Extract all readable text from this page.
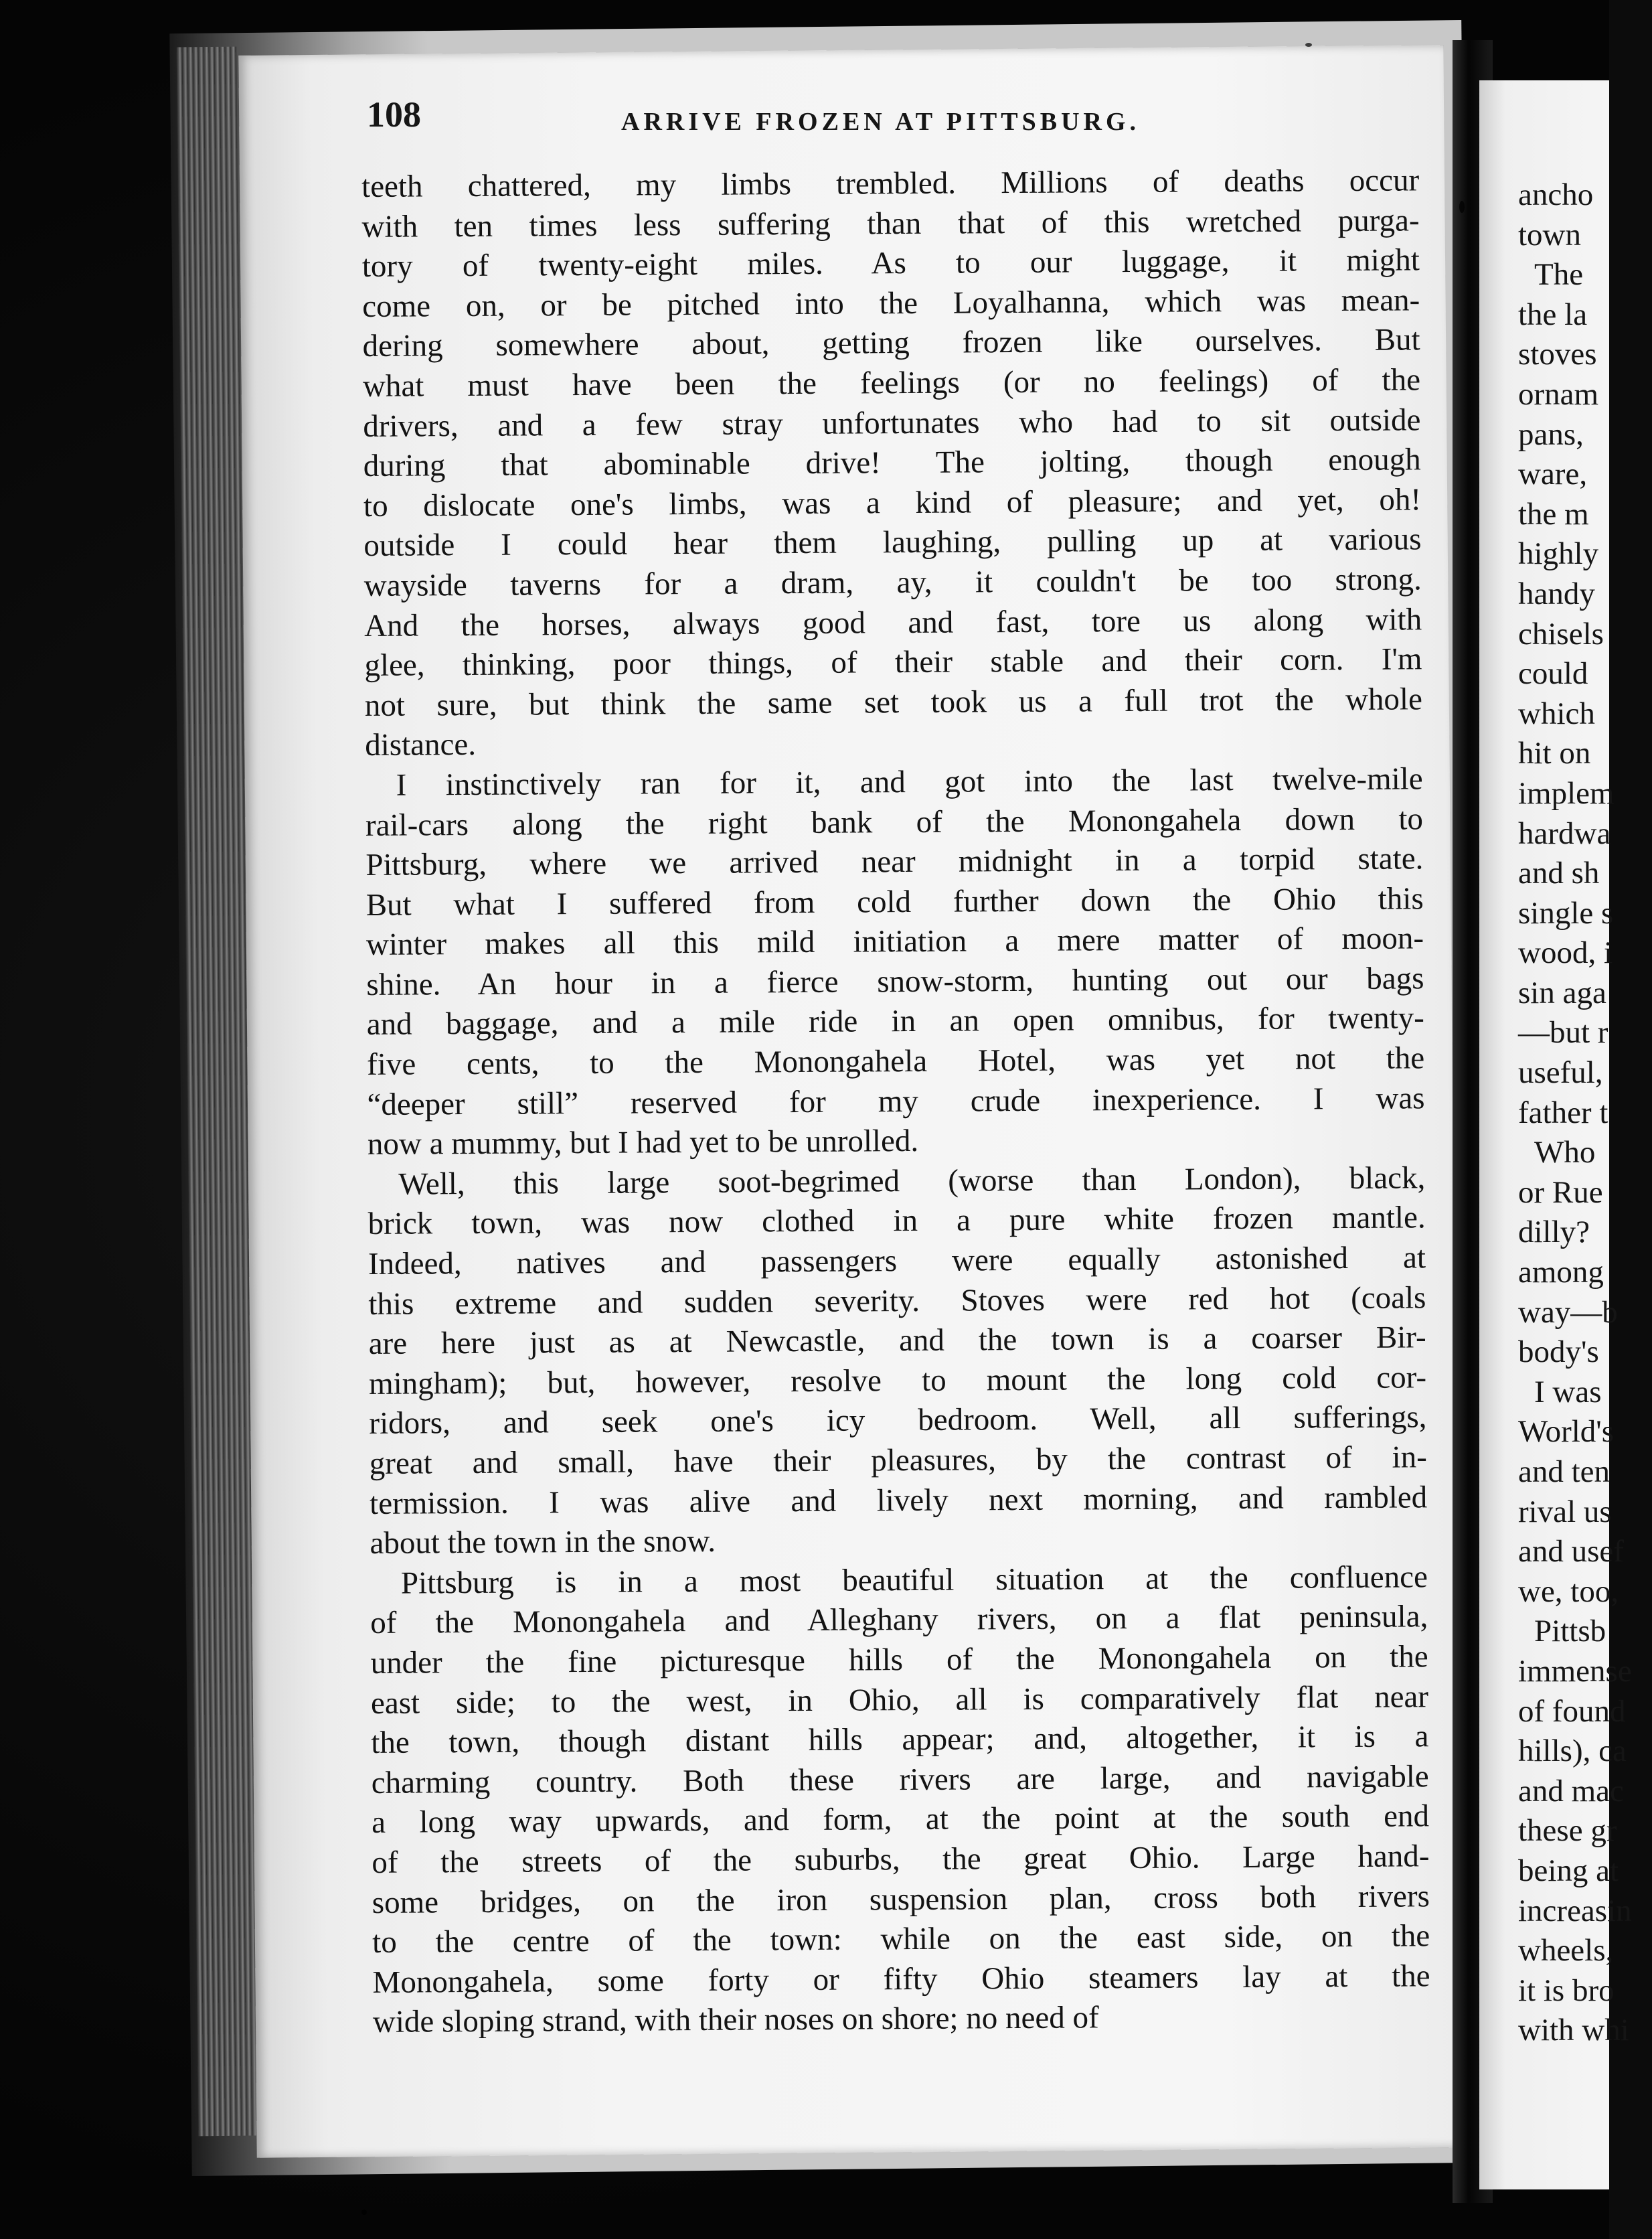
108	ARRIVE FROZEN AT PITTSBURG.
teeth chattered, my limbs trembled. Millions of deaths occur
with ten times less suffering than that of this wretched purga-
tory of twenty-eight miles. As to our luggage, it might
come on, or be pitched into the Loyalhanna, which was mean-
dering somewhere about, getting frozen like ourselves. But
what must have been the feelings (or no feelings) of the
drivers, and a few stray unfortunates who had to sit outside
during that abominable drive! The jolting, though enough
to dislocate one's limbs, was a kind of pleasure; and yet, oh!
outside I could hear them laughing, pulling up at various
wayside taverns for a dram, ay, it couldn't be too strong.
And the horses, always good and fast, tore us along with
glee, thinking, poor things, of their stable and their corn. I'm
not sure, but think the same set took us a full trot the whole
distance.
I instinctively ran for it, and got into the last twelve-mile
rail-cars along the right bank of the Monongahela down to
Pittsburg, where we arrived near midnight in a torpid state.
But what I suffered from cold further down the Ohio this
winter makes all this mild initiation a mere matter of moon-
shine. An hour in a fierce snow-storm, hunting out our bags
and baggage, and a mile ride in an open omnibus, for twenty-
five cents, to the Monongahela Hotel, was yet not the
“deeper still” reserved for my crude inexperience. I was
now a mummy, but I had yet to be unrolled.
Well, this large soot-begrimed (worse than London), black,
brick town, was now clothed in a pure white frozen mantle.
Indeed, natives and passengers were equally astonished at
this extreme and sudden severity. Stoves were red hot (coals
are here just as at Newcastle, and the town is a coarser Bir-
mingham); but, however, resolve to mount the long cold cor-
ridors, and seek one's icy bedroom. Well, all sufferings,
great and small, have their pleasures, by the contrast of in-
termission. I was alive and lively next morning, and rambled
about the town in the snow.
Pittsburg is in a most beautiful situation at the confluence
of the Monongahela and Alleghany rivers, on a flat peninsula,
under the fine picturesque hills of the Monongahela on the
east side; to the west, in Ohio, all is comparatively flat near
the town, though distant hills appear; and, altogether, it is a
charming country. Both these rivers are large, and navigable
a long way upwards, and form, at the point at the south end
of the streets of the suburbs, the great Ohio. Large hand-
some bridges, on the iron suspension plan, cross both rivers
to the centre of the town: while on the east side, on the
Monongahela, some forty or fifty Ohio steamers lay at the
wide sloping strand, with their noses on shore; no need of
ancho
town
The
the la
stoves
ornam
pans,
ware,
the m
highly
handy
chisels
could
which
hit on
implem
hardwa
and sh
single s
wood, i
sin aga
—but r
useful,
father t
Who
or Rue
dilly?
among
way—b
body's
I was
World's
and ten
rival us
and usef
we, too,
Pittsb
immense
of found
hills), ca
and mac
these gr
being at
increasin
wheels,
it is bro
with whi
